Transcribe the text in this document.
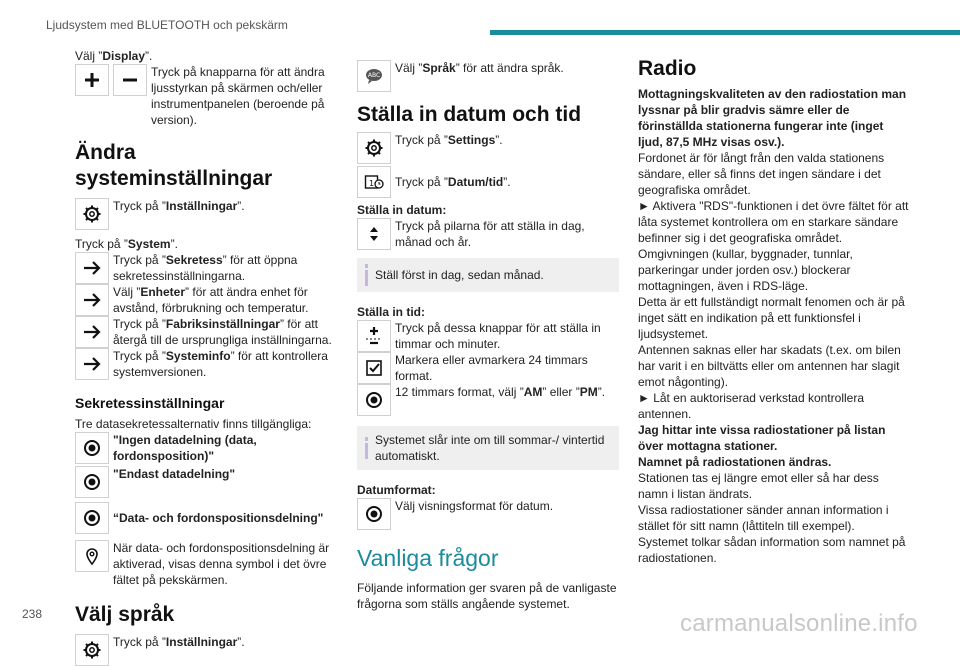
Ljudsystem med BLUETOOTH och pekskärm

Välj ”Display”.

Tryck på knapparna för att ändra ljusstyrkan på skärmen och/eller instrumentpanelen (beroende på version).
Ändra systeminställningar
Tryck på ”Inställningar”.

Tryck på ”System”.

Tryck på ”Sekretess” för att öppna sekretessinställningarna.
Välj ”Enheter” för att ändra enhet för avstånd, förbrukning och temperatur.
Tryck på ”Fabriksinställningar” för att återgå till de ursprungliga inställningarna.
Tryck på ”Systeminfo” för att kontrollera systemversionen.
Sekretessinställningar

Tre datasekretessalternativ finns tillgängliga:

"Ingen datadelning (data, fordonsposition)"
"Endast datadelning"
“Data- och fordonspositionsdelning"
När data- och fordonspositionsdelning är aktiverad, visas denna symbol i det övre fältet på pekskärmen.
Välj språk
Tryck på ”Inställningar”.
ABC
Välj ”Språk” för att ändra språk.
Ställa in datum och tid
Tryck på ”Settings”.
1 Tryck på ”Datum/tid”.

Ställa in datum:

Tryck på pilarna för att ställa in dag, månad och år.
Ställ först in dag, sedan månad.

Ställa in tid:

Tryck på dessa knappar för att ställa in timmar och minuter.
Markera eller avmarkera 24 timmars format.
12 timmars format, välj ”AM” eller ”PM”.
Systemet slår inte om till sommar-/ vintertid automatiskt.

Datumformat:

Välj visningsformat för datum.
Vanliga frågor

Följande information ger svaren på de vanligaste frågorna som ställs angående systemet.

Radio

Mottagningskvaliteten av den radiostation man lyssnar på blir gradvis sämre eller de förinställda stationerna fungerar inte (inget ljud, 87,5 MHz visas osv.).

Fordonet är för långt från den valda stationens sändare, eller så finns det ingen sändare i det geografiska området.

► Aktivera "RDS"-funktionen i det övre fältet för att låta systemet kontrollera om en starkare sändare befinner sig i det geografiska området.

Omgivningen (kullar, byggnader, tunnlar, parkeringar under jorden osv.) blockerar mottagningen, även i RDS-läge.

Detta är ett fullständigt normalt fenomen och är på inget sätt en indikation på ett funktionsfel i ljudsystemet.

Antennen saknas eller har skadats (t.ex. om bilen har varit i en biltvätts eller om antennen har slagit emot någonting).

► Låt en auktoriserad verkstad kontrollera antennen.

Jag hittar inte vissa radiostationer på listan över mottagna stationer.

Namnet på radiostationen ändras.

Stationen tas ej längre emot eller så har dess namn i listan ändrats.

Vissa radiostationer sänder annan information i stället för sitt namn (låttiteln till exempel).

Systemet tolkar sådan information som namnet på radiostationen.

238	carmanualsonline.info
